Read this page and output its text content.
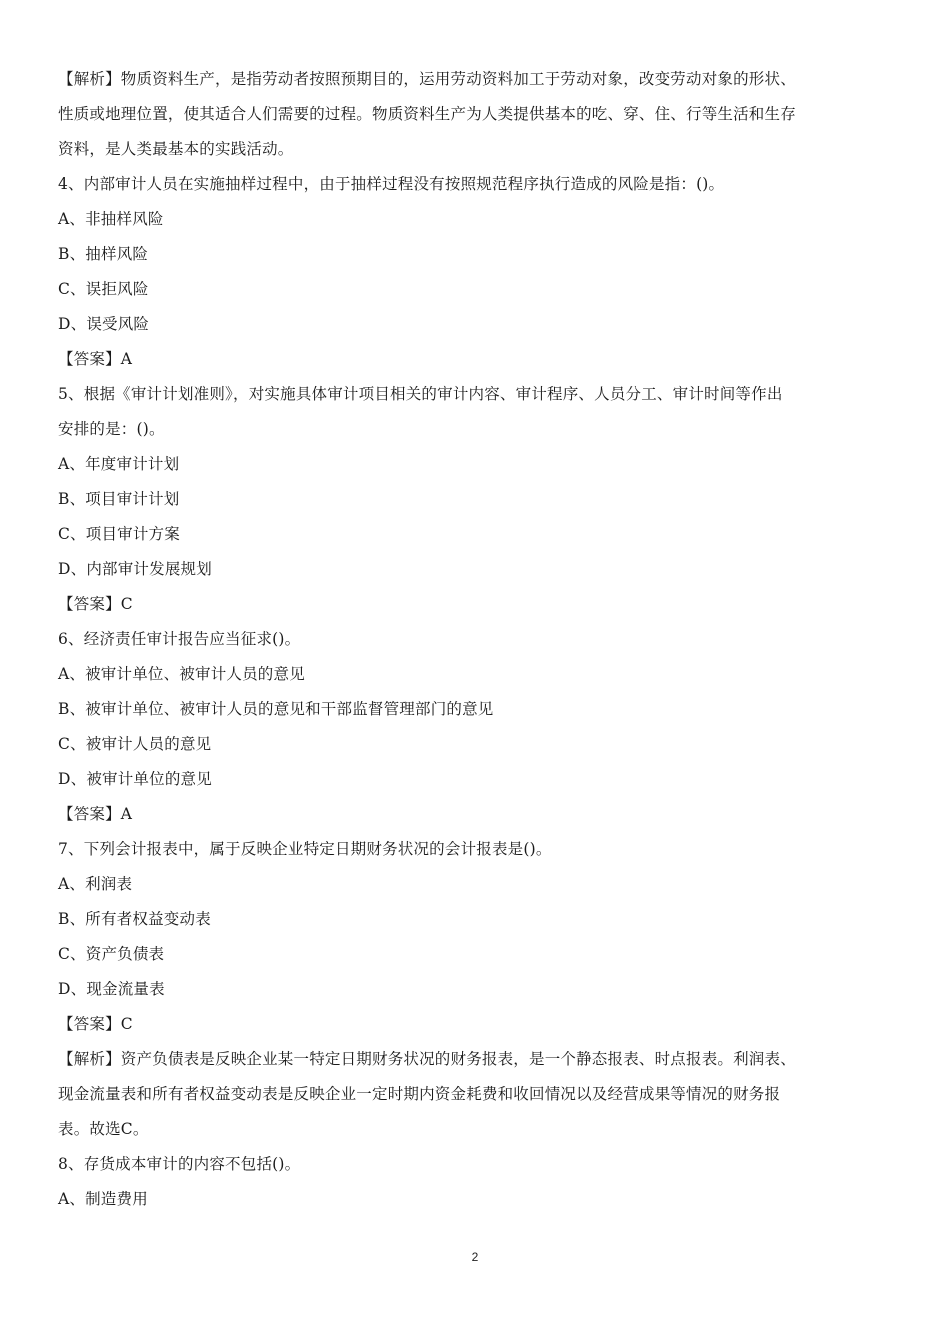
【解析】物质资料生产，是指劳动者按照预期目的，运用劳动资料加工于劳动对象，改变劳动对象的形状、
性质或地理位置，使其适合人们需要的过程。物质资料生产为人类提供基本的吃、穿、住、行等生活和生存
资料，是人类最基本的实践活动。
4、内部审计人员在实施抽样过程中，由于抽样过程没有按照规范程序执行造成的风险是指：()。
A、非抽样风险
B、抽样风险
C、误拒风险
D、误受风险
【答案】A
5、根据《审计计划准则》，对实施具体审计项目相关的审计内容、审计程序、人员分工、审计时间等作出
安排的是：()。
A、年度审计计划
B、项目审计计划
C、项目审计方案
D、内部审计发展规划
【答案】C
6、经济责任审计报告应当征求()。
A、被审计单位、被审计人员的意见
B、被审计单位、被审计人员的意见和干部监督管理部门的意见
C、被审计人员的意见
D、被审计单位的意见
【答案】A
7、下列会计报表中，属于反映企业特定日期财务状况的会计报表是()。
A、利润表
B、所有者权益变动表
C、资产负债表
D、现金流量表
【答案】C
【解析】资产负债表是反映企业某一特定日期财务状况的财务报表，是一个静态报表、时点报表。利润表、
现金流量表和所有者权益变动表是反映企业一定时期内资金耗费和收回情况以及经营成果等情况的财务报
表。故选C。
8、存货成本审计的内容不包括()。
A、制造费用
2
